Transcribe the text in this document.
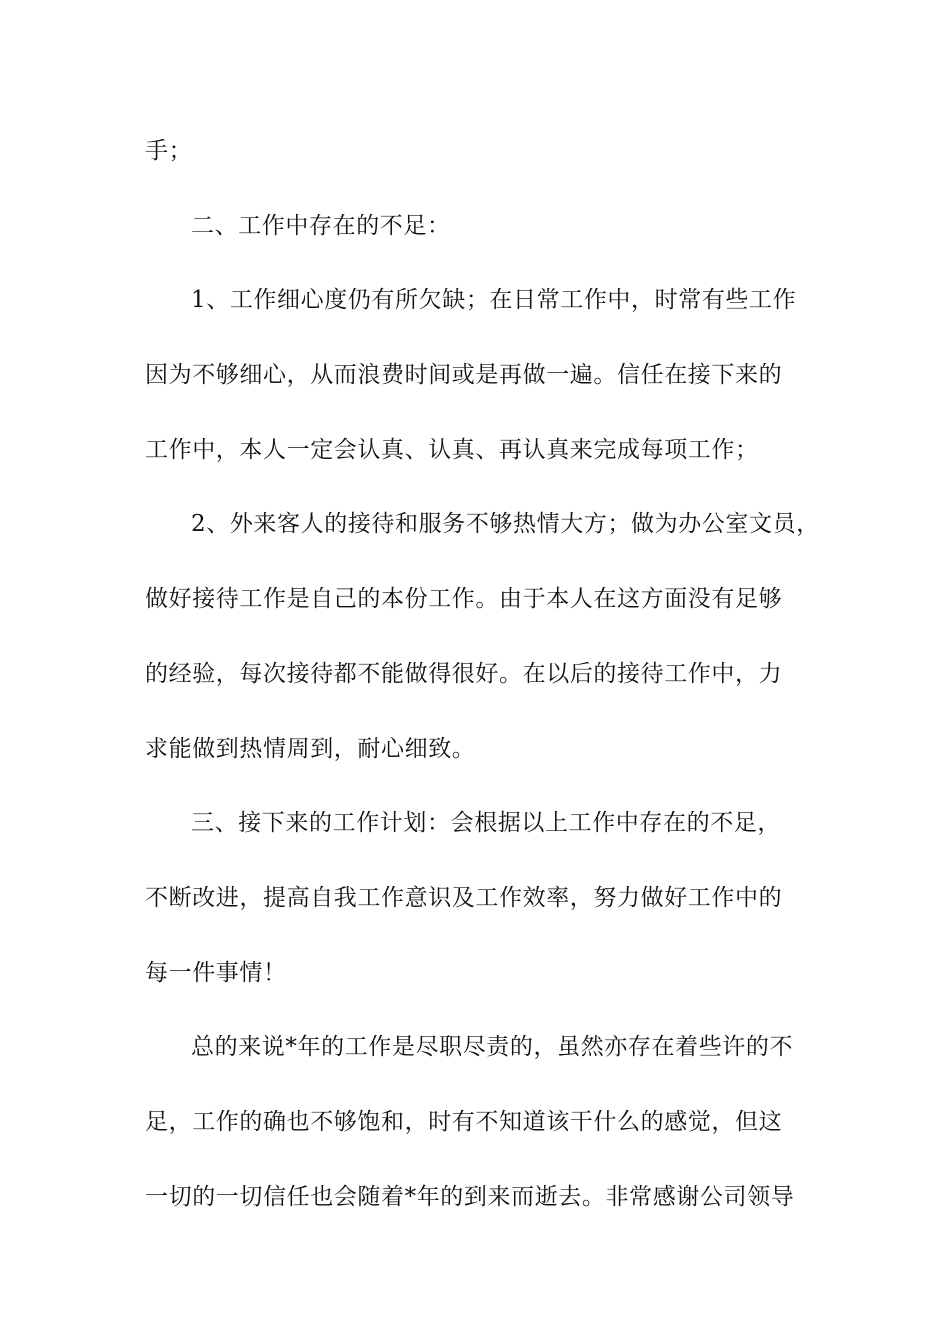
手；
二、工作中存在的不足：
1、工作细心度仍有所欠缺；在日常工作中，时常有些工作
因为不够细心，从而浪费时间或是再做一遍。信任在接下来的
工作中，本人一定会认真、认真、再认真来完成每项工作；
2、外来客人的接待和服务不够热情大方；做为办公室文员，
做好接待工作是自己的本份工作。由于本人在这方面没有足够
的经验，每次接待都不能做得很好。在以后的接待工作中，力
求能做到热情周到，耐心细致。
三、接下来的工作计划：会根据以上工作中存在的不足，
不断改进，提高自我工作意识及工作效率，努力做好工作中的
每一件事情！
总的来说*年的工作是尽职尽责的，虽然亦存在着些许的不
足，工作的确也不够饱和，时有不知道该干什么的感觉，但这
一切的一切信任也会随着*年的到来而逝去。非常感谢公司领导
